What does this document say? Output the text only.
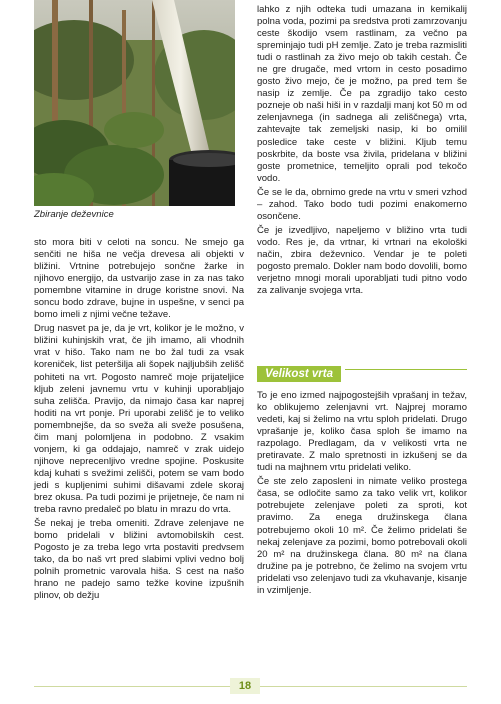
Zbiranje deževnice

sto mora biti v celoti na soncu. Ne smejo ga senčiti ne hiša ne večja drevesa ali objekti v bližini. Vrtnine potrebujejo sončne žarke in njihovo energijo, da ustvarijo zase in za nas tako pomembne vitamine in druge koristne snovi. Na soncu bodo zdrave, bujne in uspešne, v senci pa bomo imeli z njimi večne težave.

Drug nasvet pa je, da je vrt, kolikor je le možno, v bližini kuhinjskih vrat, če jih imamo, ali vhodnih vrat v hišo. Tako nam ne bo žal tudi za vsak koreniček, list peteršilja ali šopek najljubših zelišč pohiteti na vrt. Pogosto namreč moje prijateljice kljub zeleni javnemu vrtu v kuhinji uporabljajo suha zelišča. Pravijo, da nimajo časa kar naprej hoditi na vrt ponje. Pri uporabi zelišč je to veliko pomembnejše, da so sveža ali sveže posušena, čim manj polomljena in podobno. Z vsakim vonjem, ki ga oddajajo, namreč v zrak uidejo njihove neprecenljivo vredne spojine. Poskusite kdaj kuhati s svežimi zelišči, potem se vam bodo jedi s kupljenimi suhimi dišavami zdele skoraj brez okusa. Pa tudi pozimi je prijetneje, če nam ni treba ravno predaleč po blatu in mrazu do vrta.

Še nekaj je treba omeniti. Zdrave zelenjave ne bomo pridelali v bližini avtomobilskih cest. Pogosto je za treba lego vrta postaviti predvsem tako, da bo naš vrt pred slabimi vplivi vedno bolj polnih prometnic varovala hiša. S cest na našo hrano ne padejo samo težke kovine izpušnih plinov, ob dežju

lahko z njih odteka tudi umazana in kemikalij polna voda, pozimi pa sredstva proti zamrzovanju ceste škodijo vsem rastlinam, za večno pa spreminjajo tudi pH zemlje. Zato je treba razmisliti tudi o rastlinah za živo mejo ob takih cestah. Če ne gre drugače, med vrtom in cesto posadimo gosto živo mejo, če je možno, pa pred tem še nasip iz zemlje. Če pa zgradijo tako cesto pozneje ob naši hiši in v razdalji manj kot 50 m od zelenjavnega (in sadnega ali zeliščnega) vrta, zahtevajte tak zemeljski nasip, ki bo omilil posledice take ceste v bližini. Kljub temu poskrbite, da boste vsa živila, pridelana v bližini goste prometnice, temeljito oprali pod tekočo vodo.

Če se le da, obrnimo grede na vrtu v smeri vzhod – zahod. Tako bodo tudi pozimi enakomerno osončene.

Če je izvedljivo, napeljemo v bližino vrta tudi vodo. Res je, da vrtnar, ki vrtnari na ekološki način, zbira deževnico. Vendar je te poleti pogosto premalo. Dokler nam bodo dovolili, bomo verjetno mnogi morali uporabljati tudi pitno vodo za zalivanje svojega vrta.

Velikost vrta

To je eno izmed najpogostejših vprašanj in težav, ko oblikujemo zelenjavni vrt. Najprej moramo vedeti, kaj si želimo na vrtu sploh pridelati. Drugo vprašanje je, koliko časa sploh še imamo na razpolago. Predlagam, da v velikosti vrta ne pretiravate. Z malo spretnosti in izkušenj se da tudi na majhnem vrtu pridelati veliko.

Če ste zelo zaposleni in nimate veliko prostega časa, se odločite samo za tako velik vrt, kolikor potrebujete zelenjave poleti za sproti, kot pravimo. Za enega družinskega člana potrebujemo okoli 10 m². Če želimo pridelati še nekaj zelenjave za pozimi, bomo potrebovali okoli 20 m² na družinskega člana. 80 m² na člana družine pa je potrebno, če želimo na svojem vrtu pridelati vso zelenjavo tudi za vkuhavanje, kisanje in vzimljenje.

18
